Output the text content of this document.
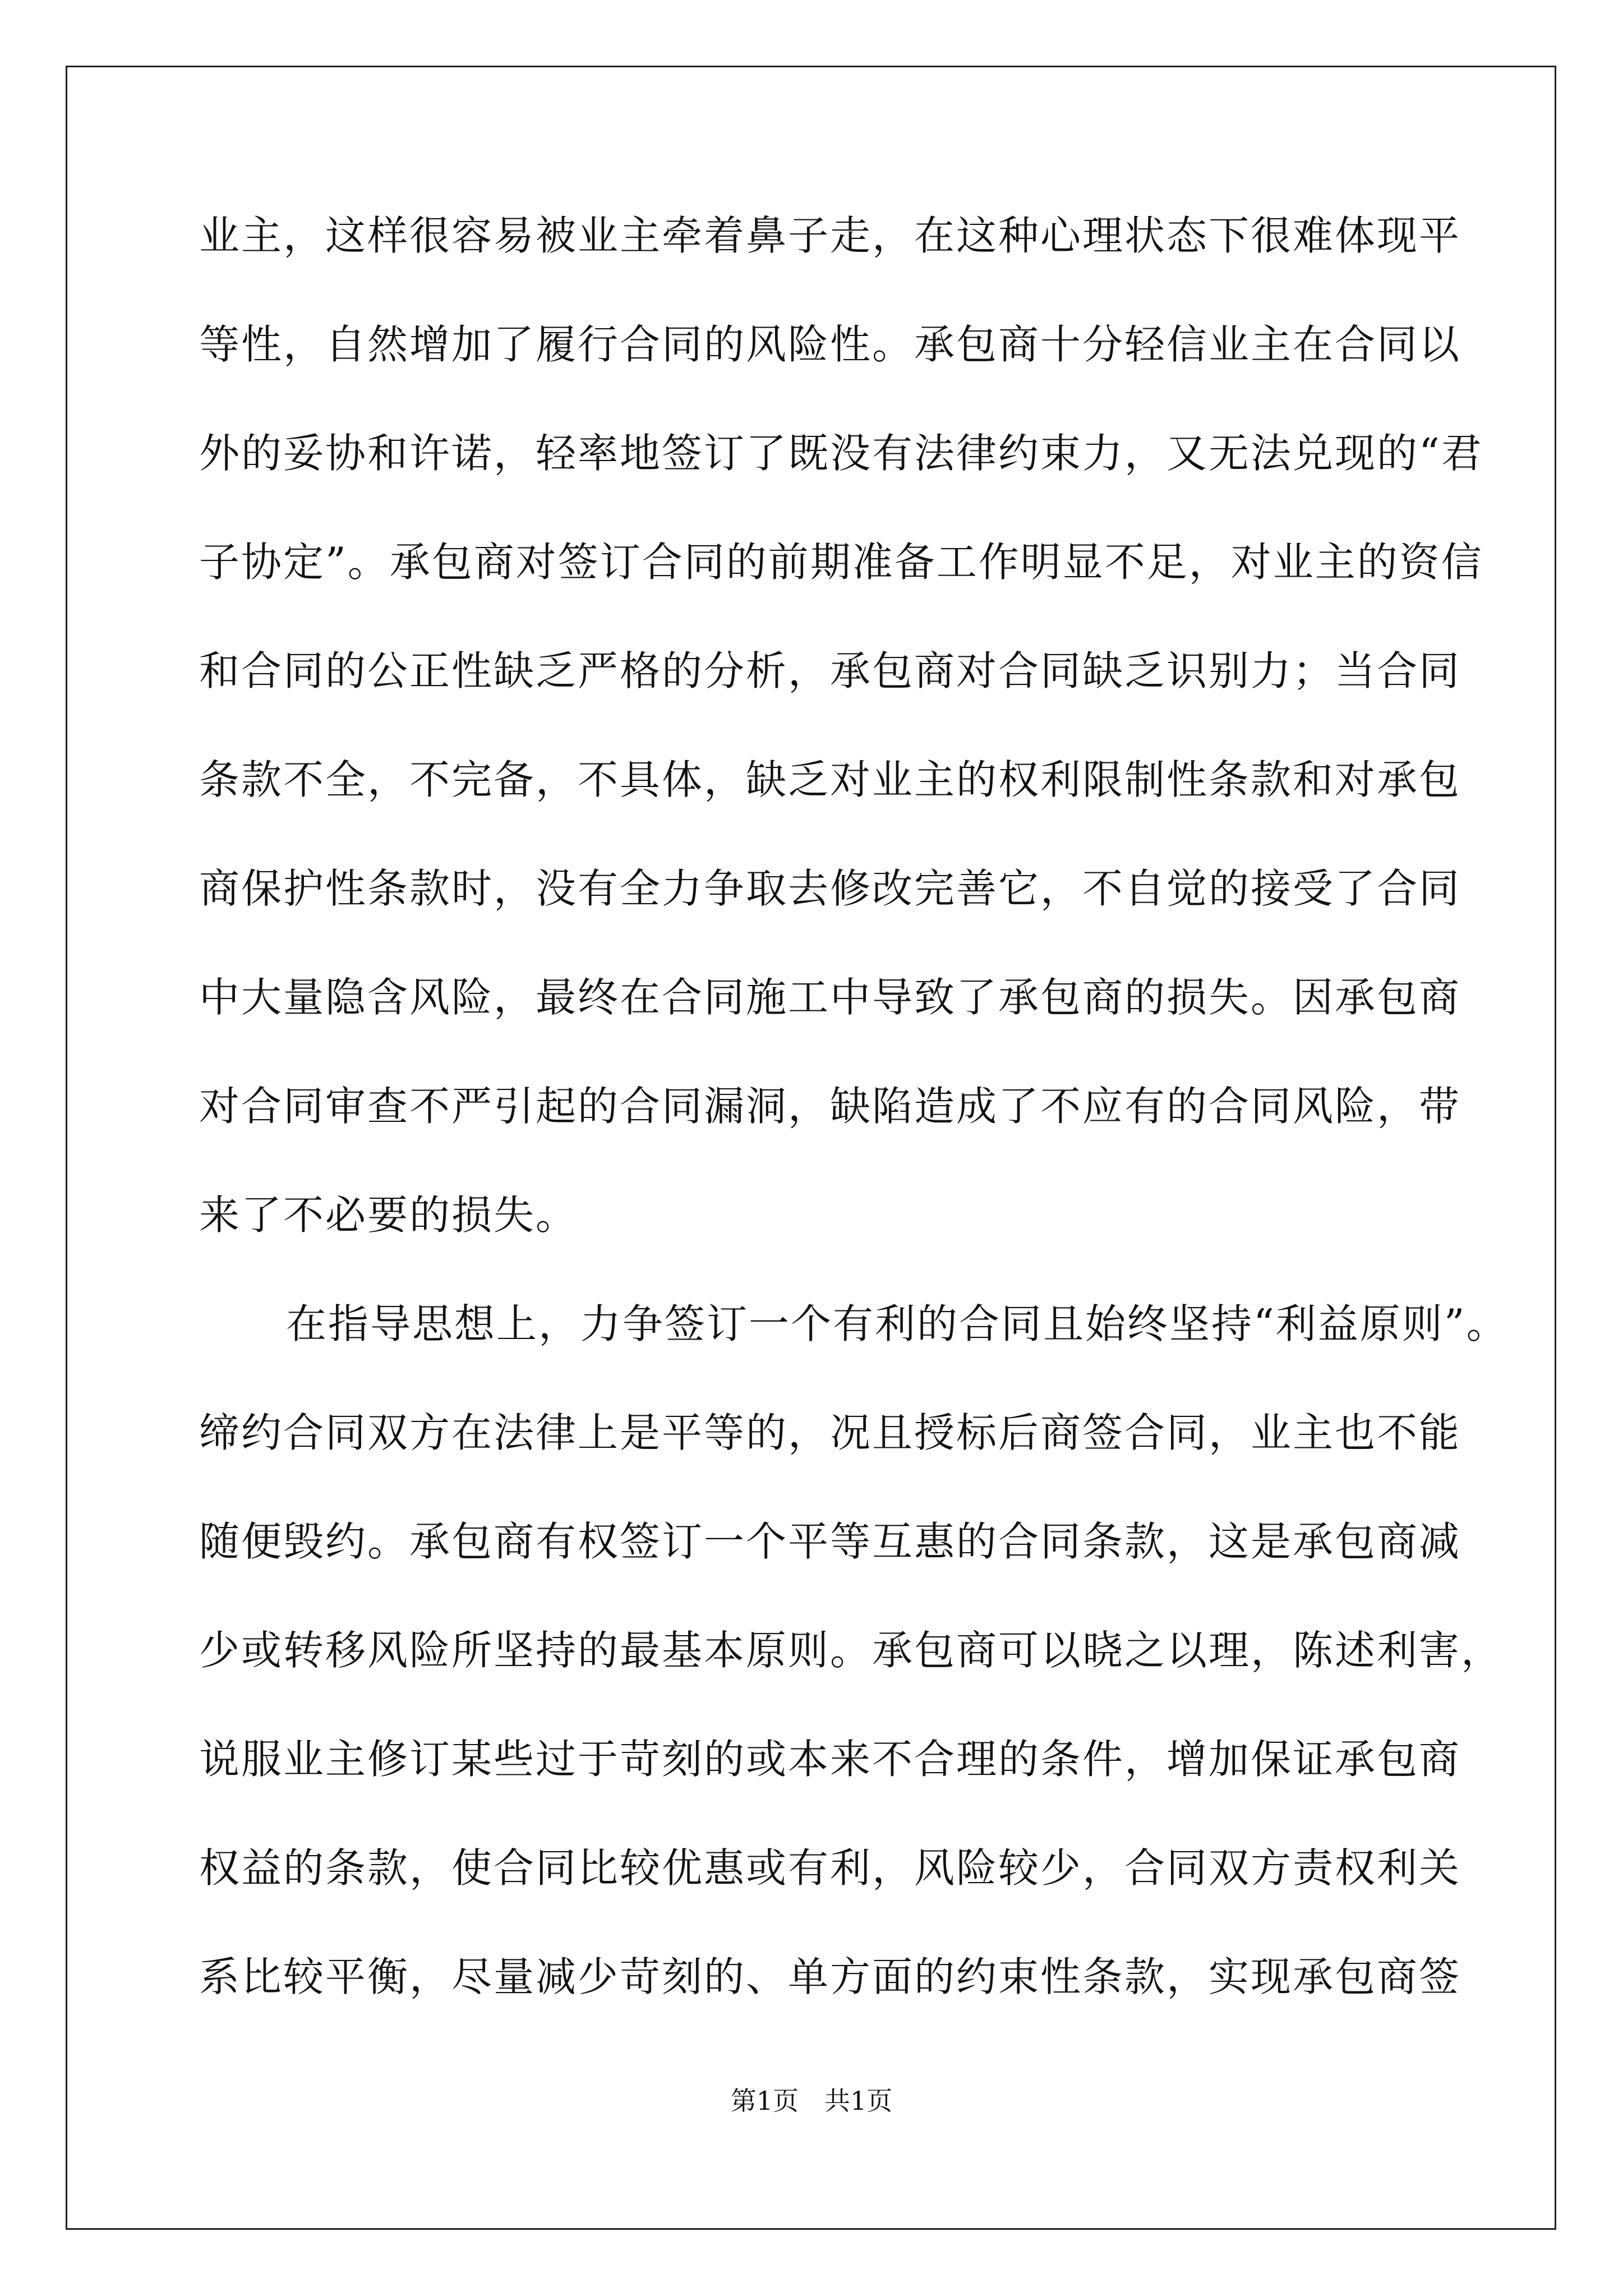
业主，这样很容易被业主牵着鼻子走，在这种心理状态下很难体现平
等性，自然增加了履行合同的风险性。承包商十分轻信业主在合同以
外的妥协和许诺，轻率地签订了既没有法律约束力，又无法兑现的“君
子协定”。承包商对签订合同的前期准备工作明显不足，对业主的资信
和合同的公正性缺乏严格的分析，承包商对合同缺乏识别力；当合同
条款不全，不完备，不具体，缺乏对业主的权利限制性条款和对承包
商保护性条款时，没有全力争取去修改完善它，不自觉的接受了合同
中大量隐含风险，最终在合同施工中导致了承包商的损失。因承包商
对合同审查不严引起的合同漏洞，缺陷造成了不应有的合同风险，带
来了不必要的损失。
在指导思想上，力争签订一个有利的合同且始终坚持“利益原则”。
缔约合同双方在法律上是平等的，况且授标后商签合同，业主也不能
随便毁约。承包商有权签订一个平等互惠的合同条款，这是承包商减
少或转移风险所坚持的最基本原则。承包商可以晓之以理，陈述利害，
说服业主修订某些过于苛刻的或本来不合理的条件，增加保证承包商
权益的条款，使合同比较优惠或有利，风险较少，合同双方责权利关
系比较平衡，尽量减少苛刻的、单方面的约束性条款，实现承包商签
第1页　共1页
